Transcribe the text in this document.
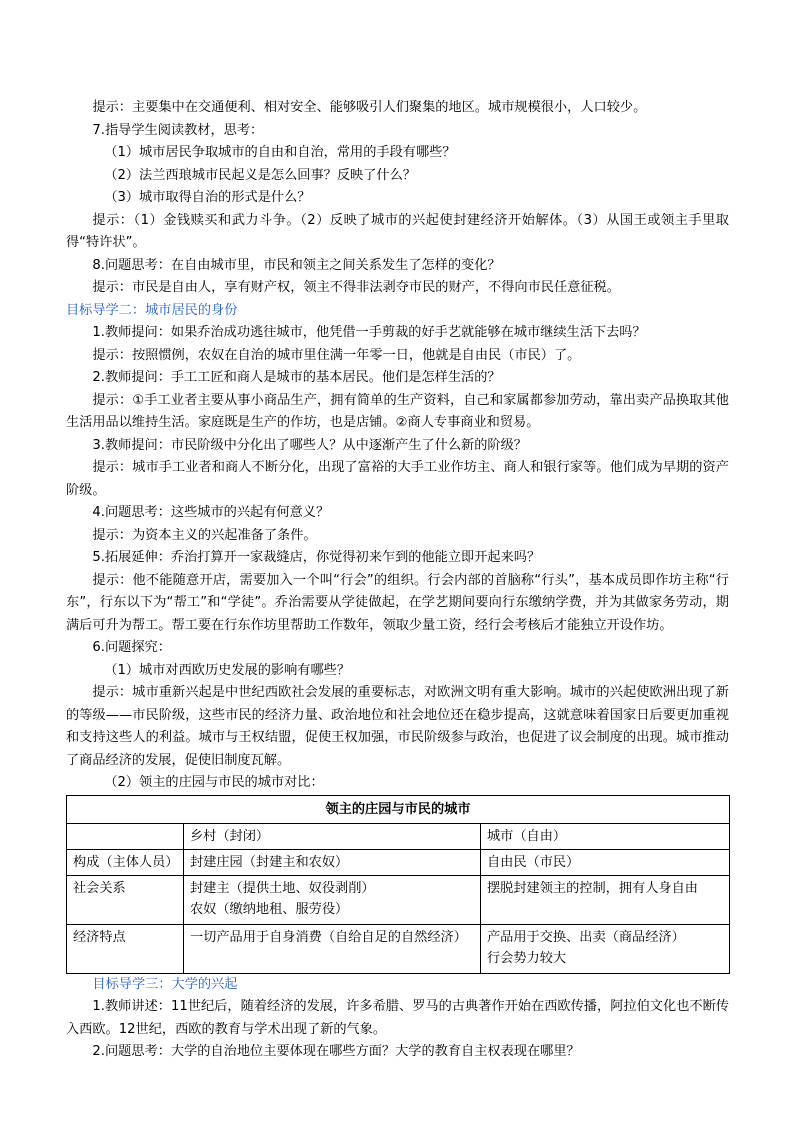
提示：主要集中在交通便利、相对安全、能够吸引人们聚集的地区。城市规模很小，人口较少。

7.指导学生阅读教材，思考：

（1）城市居民争取城市的自由和自治，常用的手段有哪些？

（2）法兰西琅城市民起义是怎么回事？反映了什么？

（3）城市取得自治的形式是什么？

提示：（1）金钱赎买和武力斗争。（2）反映了城市的兴起使封建经济开始解体。（3）从国王或领主手里取得“特许状”。

8.问题思考：在自由城市里，市民和领主之间关系发生了怎样的变化？

提示：市民是自由人，享有财产权，领主不得非法剥夺市民的财产，不得向市民任意征税。

目标导学二：城市居民的身份

1.教师提问：如果乔治成功逃往城市，他凭借一手剪裁的好手艺就能够在城市继续生活下去吗？

提示：按照惯例，农奴在自治的城市里住满一年零一日，他就是自由民（市民）了。

2.教师提问：手工工匠和商人是城市的基本居民。他们是怎样生活的？

提示：①手工业者主要从事小商品生产，拥有简单的生产资料，自己和家属都参加劳动，靠出卖产品换取其他生活用品以维持生活。家庭既是生产的作坊，也是店铺。②商人专事商业和贸易。

3.教师提问：市民阶级中分化出了哪些人？从中逐渐产生了什么新的阶级？

提示：城市手工业者和商人不断分化，出现了富裕的大手工业作坊主、商人和银行家等。他们成为早期的资产阶级。

4.问题思考：这些城市的兴起有何意义？

提示：为资本主义的兴起准备了条件。

5.拓展延伸：乔治打算开一家裁缝店，你觉得初来乍到的他能立即开起来吗？

提示：他不能随意开店，需要加入一个叫“行会”的组织。行会内部的首脑称“行头”，基本成员即作坊主称“行东”，行东以下为“帮工”和“学徒”。乔治需要从学徒做起，在学艺期间要向行东缴纳学费，并为其做家务劳动，期满后可升为帮工。帮工要在行东作坊里帮助工作数年，领取少量工资，经行会考核后才能独立开设作坊。

6.问题探究：

（1）城市对西欧历史发展的影响有哪些？

提示：城市重新兴起是中世纪西欧社会发展的重要标志，对欧洲文明有重大影响。城市的兴起使欧洲出现了新的等级——市民阶级，这些市民的经济力量、政治地位和社会地位还在稳步提高，这就意味着国家日后要更加重视和支持这些人的利益。城市与王权结盟，促使王权加强，市民阶级参与政治，也促进了议会制度的出现。城市推动了商品经济的发展，促使旧制度瓦解。

（2）领主的庄园与市民的城市对比：

领主的庄园与市民的城市		
	乡村（封闭）	城市（自由）
构成（主体人员）	封建庄园（封建主和农奴）	自由民（市民）

社会关系	封建主（提供土地、奴役剥削）
农奴（缴纳地租、服劳役）	摆脱封建领主的控制，拥有人身自由

经济特点	一切产品用于自身消费（自给自足的自然经济）	产品用于交换、出卖（商品经济）
行会势力较大

目标导学三：大学的兴起

1.教师讲述：11世纪后，随着经济的发展，许多希腊、罗马的古典著作开始在西欧传播，阿拉伯文化也不断传入西欧。12世纪，西欧的教育与学术出现了新的气象。

2.问题思考：大学的自治地位主要体现在哪些方面？大学的教育自主权表现在哪里？
